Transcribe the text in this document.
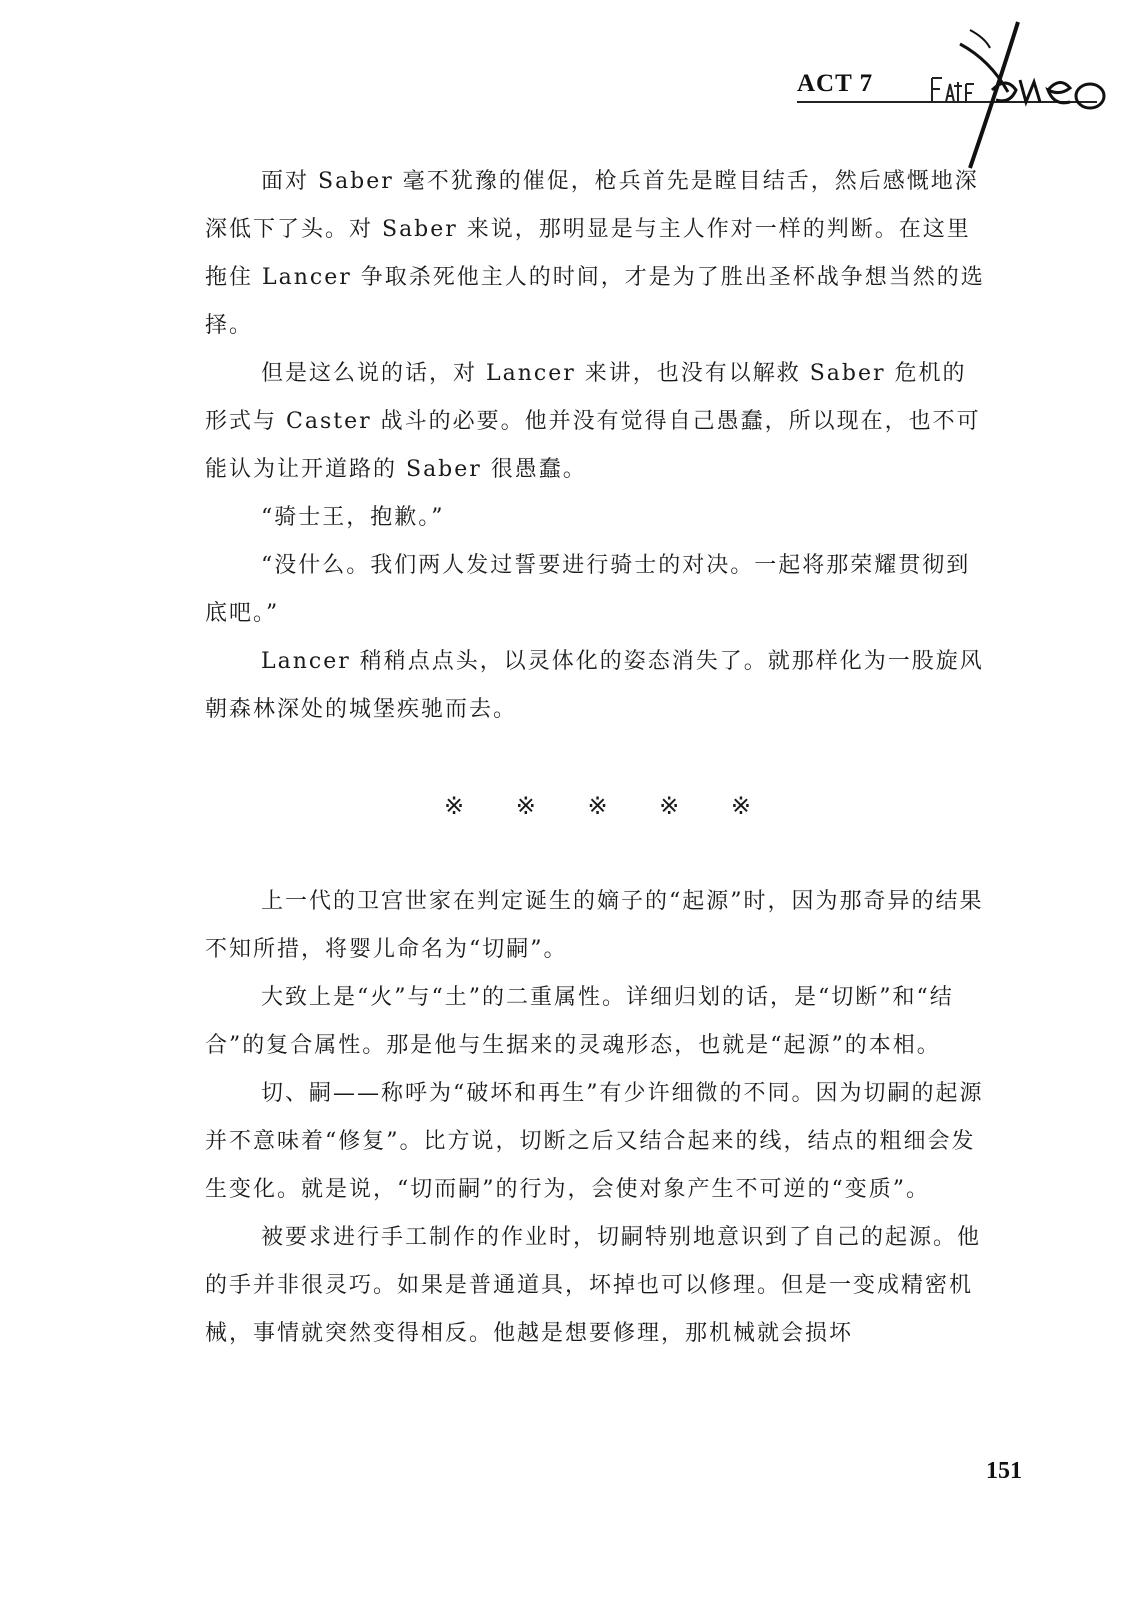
ACT 7
Fate/Zero

面对 Saber 毫不犹豫的催促，枪兵首先是瞠目结舌，然后感慨地深深低下了头。对 Saber 来说，那明显是与主人作对一样的判断。在这里拖住 Lancer 争取杀死他主人的时间，才是为了胜出圣杯战争想当然的选择。

但是这么说的话，对 Lancer 来讲，也没有以解救 Saber 危机的形式与 Caster 战斗的必要。他并没有觉得自己愚蠢，所以现在，也不可能认为让开道路的 Saber 很愚蠢。

“骑士王，抱歉。”

“没什么。我们两人发过誓要进行骑士的对决。一起将那荣耀贯彻到底吧。”

Lancer 稍稍点点头，以灵体化的姿态消失了。就那样化为一股旋风朝森林深处的城堡疾驰而去。

※ ※ ※ ※ ※

上一代的卫宫世家在判定诞生的嫡子的“起源”时，因为那奇异的结果不知所措，将婴儿命名为“切嗣”。

大致上是“火”与“土”的二重属性。详细归划的话，是“切断”和“结合”的复合属性。那是他与生据来的灵魂形态，也就是“起源”的本相。

切、嗣——称呼为“破坏和再生”有少许细微的不同。因为切嗣的起源并不意味着“修复”。比方说，切断之后又结合起来的线，结点的粗细会发生变化。就是说，“切而嗣”的行为，会使对象产生不可逆的“变质”。

被要求进行手工制作的作业时，切嗣特别地意识到了自己的起源。他的手并非很灵巧。如果是普通道具，坏掉也可以修理。但是一变成精密机械，事情就突然变得相反。他越是想要修理，那机械就会损坏

151
